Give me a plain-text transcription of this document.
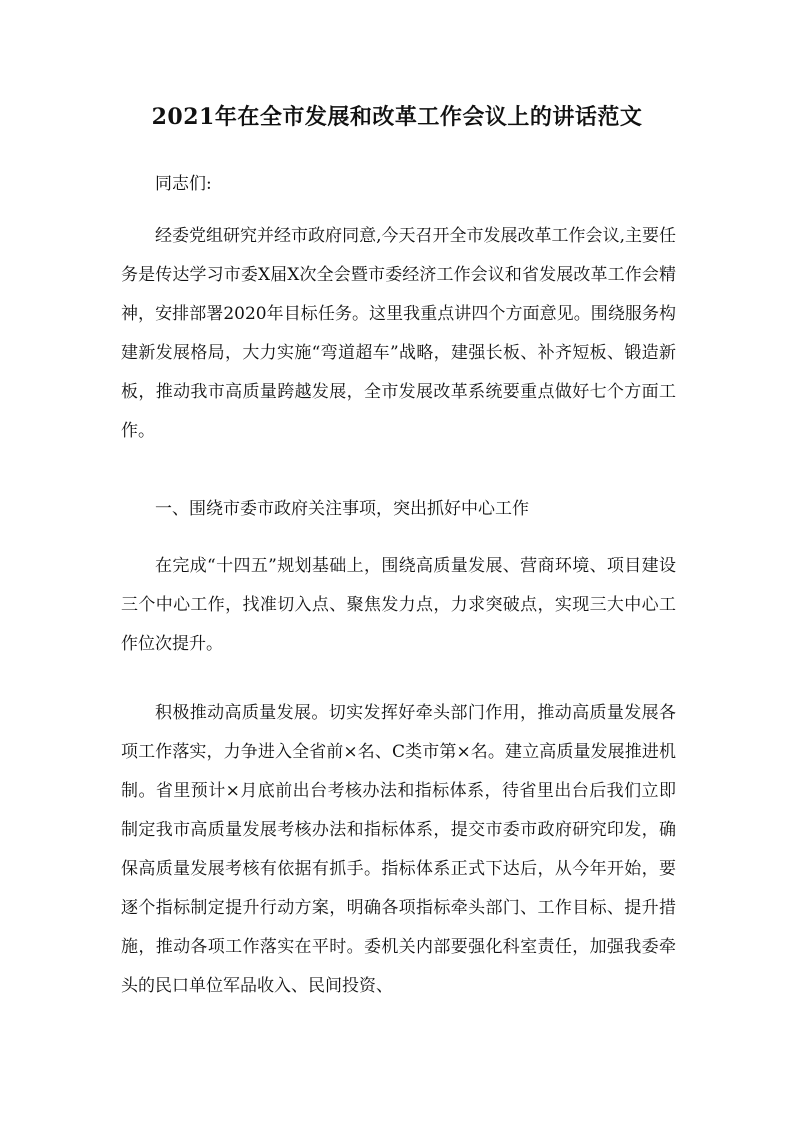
2021年在全市发展和改革工作会议上的讲话范文

同志们:

经委党组研究并经市政府同意,今天召开全市发展改革工作会议,主要任务是传达学习市委X届X次全会暨市委经济工作会议和省发展改革工作会精神，安排部署2020年目标任务。这里我重点讲四个方面意见。围绕服务构建新发展格局，大力实施“弯道超车”战略，建强长板、补齐短板、锻造新板，推动我市高质量跨越发展，全市发展改革系统要重点做好七个方面工作。

一、围绕市委市政府关注事项，突出抓好中心工作

在完成“十四五”规划基础上，围绕高质量发展、营商环境、项目建设三个中心工作，找准切入点、聚焦发力点，力求突破点，实现三大中心工作位次提升。

积极推动高质量发展。切实发挥好牵头部门作用，推动高质量发展各项工作落实，力争进入全省前×名、C类市第×名。建立高质量发展推进机制。省里预计×月底前出台考核办法和指标体系，待省里出台后我们立即制定我市高质量发展考核办法和指标体系，提交市委市政府研究印发，确保高质量发展考核有依据有抓手。指标体系正式下达后，从今年开始，要逐个指标制定提升行动方案，明确各项指标牵头部门、工作目标、提升措施，推动各项工作落实在平时。委机关内部要强化科室责任，加强我委牵头的民口单位军品收入、民间投资、
